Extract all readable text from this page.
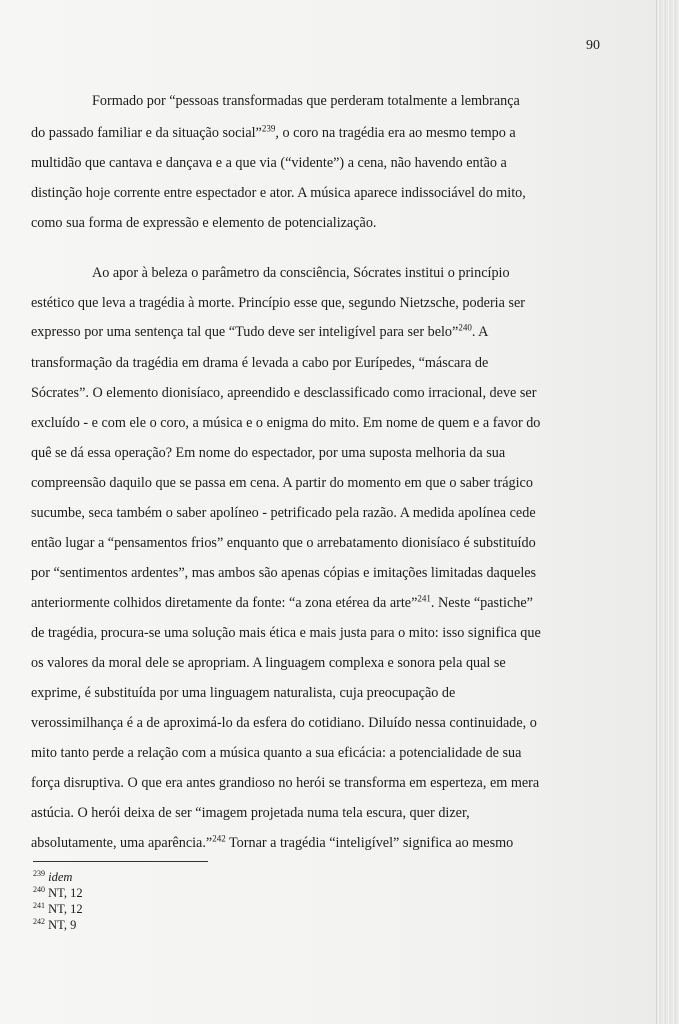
90
Formado por “pessoas transformadas que perderam totalmente a lembrança
do passado familiar e da situação social”$^{239}$, o coro na tragédia era ao mesmo tempo a
multidão que cantava e dançava e a que via (“vidente”) a cena, não havendo então a
distinção hoje corrente entre espectador e ator. A música aparece indissociável do mito,
como sua forma de expressão e elemento de potencialização.
Ao apor à beleza o parâmetro da consciência, Sócrates institui o princípio
estético que leva a tragédia à morte. Princípio esse que, segundo Nietzsche, poderia ser
expresso por uma sentença tal que “Tudo deve ser inteligível para ser belo”$^{240}$. A
transformação da tragédia em drama é levada a cabo por Eurípedes, “máscara de
Sócrates”. O elemento dionisíaco, apreendido e desclassificado como irracional, deve ser
excluído - e com ele o coro, a música e o enigma do mito. Em nome de quem e a favor do
quê se dá essa operação? Em nome do espectador, por uma suposta melhoria da sua
compreensão daquilo que se passa em cena. A partir do momento em que o saber trágico
sucumbe, seca também o saber apolíneo - petrificado pela razão. A medida apolínea cede
então lugar a “pensamentos frios” enquanto que o arrebatamento dionisíaco é substituído
por “sentimentos ardentes”, mas ambos são apenas cópias e imitações limitadas daqueles
anteriormente colhidos diretamente da fonte: “a zona etérea da arte”$^{241}$. Neste “pastiche”
de tragédia, procura-se uma solução mais ética e mais justa para o mito: isso significa que
os valores da moral dele se apropriam. A linguagem complexa e sonora pela qual se
exprime, é substituída por uma linguagem naturalista, cuja preocupação de
verossimilhança é a de aproximá-lo da esfera do cotidiano. Diluído nessa continuidade, o
mito tanto perde a relação com a música quanto a sua eficácia: a potencialidade de sua
força disruptiva. O que era antes grandioso no herói se transforma em esperteza, em mera
astúcia. O herói deixa de ser “imagem projetada numa tela escura, quer dizer,
absolutamente, uma aparência.”$^{242}$ Tornar a tragédia “inteligível” significa ao mesmo
$^{239}$ idem
$^{240}$ NT, 12
$^{241}$ NT, 12
$^{242}$ NT, 9
